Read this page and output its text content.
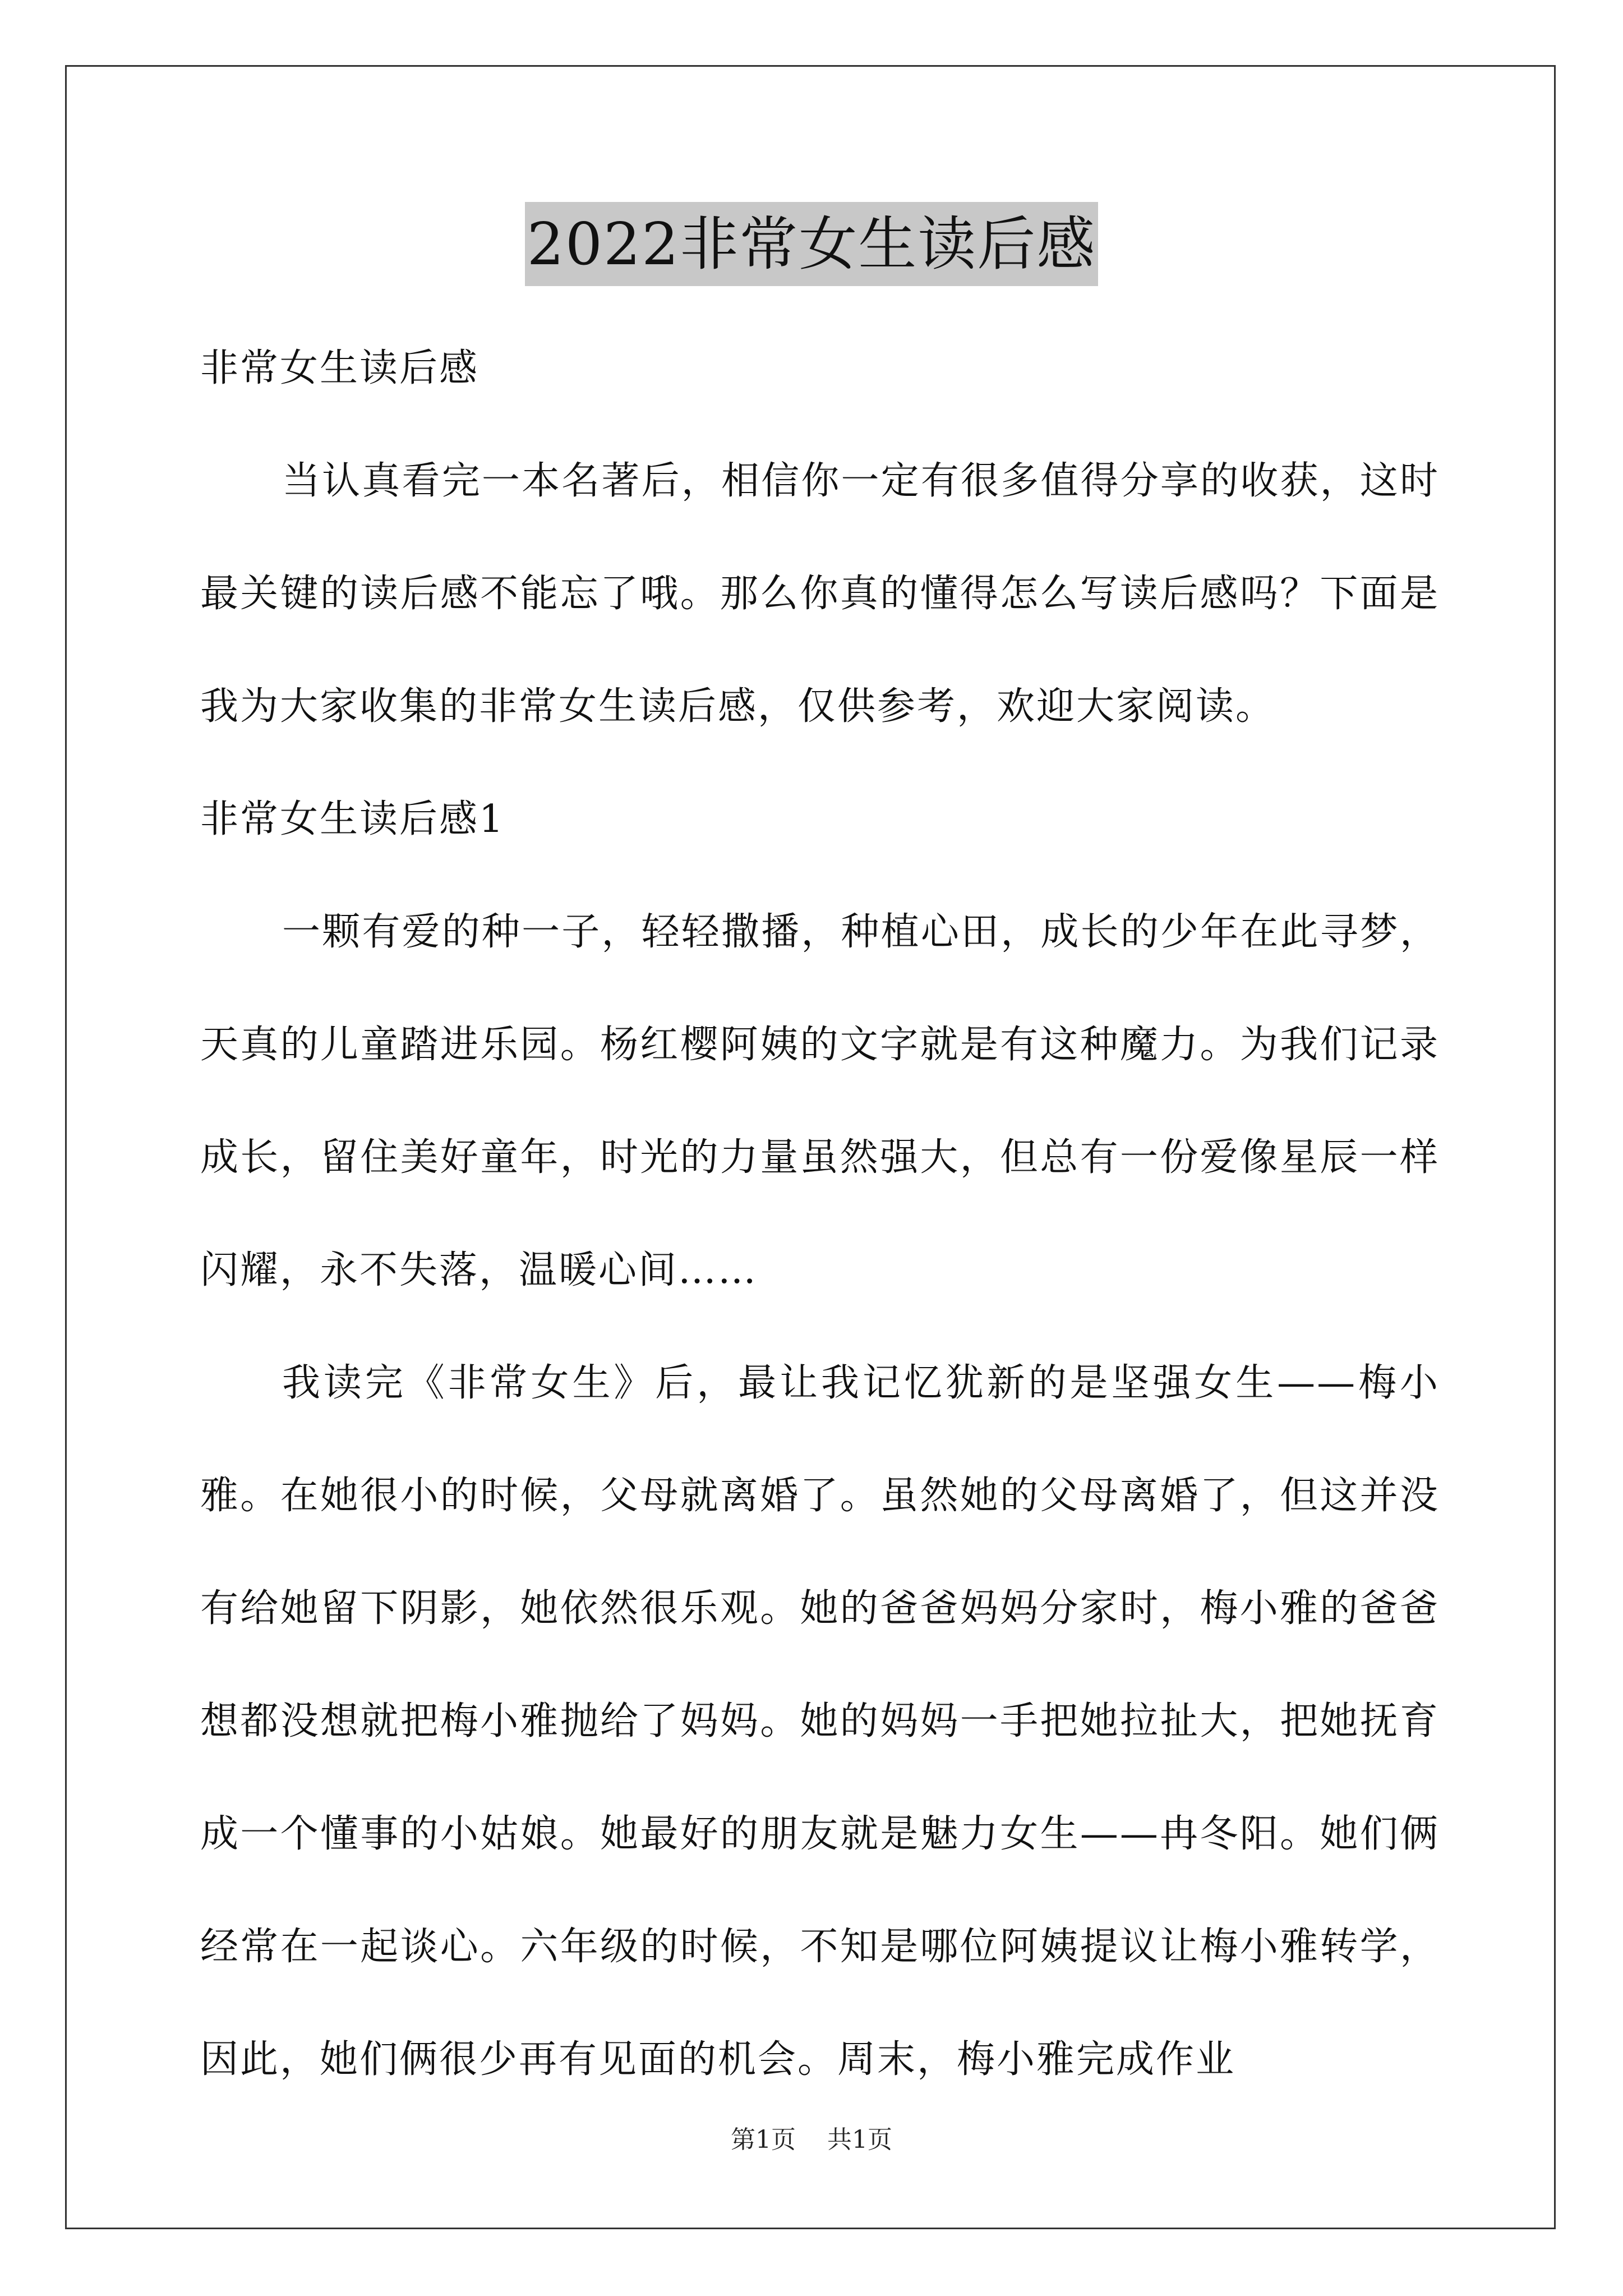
2022非常女生读后感

非常女生读后感

当认真看完一本名著后，相信你一定有很多值得分享的收获，这时最关键的读后感不能忘了哦。那么你真的懂得怎么写读后感吗？下面是我为大家收集的非常女生读后感，仅供参考，欢迎大家阅读。

非常女生读后感1

一颗有爱的种一子，轻轻撒播，种植心田，成长的少年在此寻梦，天真的儿童踏进乐园。杨红樱阿姨的文字就是有这种魔力。为我们记录成长，留住美好童年，时光的力量虽然强大，但总有一份爱像星辰一样闪耀，永不失落，温暖心间……

我读完《非常女生》后，最让我记忆犹新的是坚强女生——梅小雅。在她很小的时候，父母就离婚了。虽然她的父母离婚了，但这并没有给她留下阴影，她依然很乐观。她的爸爸妈妈分家时，梅小雅的爸爸想都没想就把梅小雅抛给了妈妈。她的妈妈一手把她拉扯大，把她抚育成一个懂事的小姑娘。她最好的朋友就是魅力女生——冉冬阳。她们俩经常在一起谈心。六年级的时候，不知是哪位阿姨提议让梅小雅转学，因此，她们俩很少再有见面的机会。周末，梅小雅完成作业

第1页 共1页
